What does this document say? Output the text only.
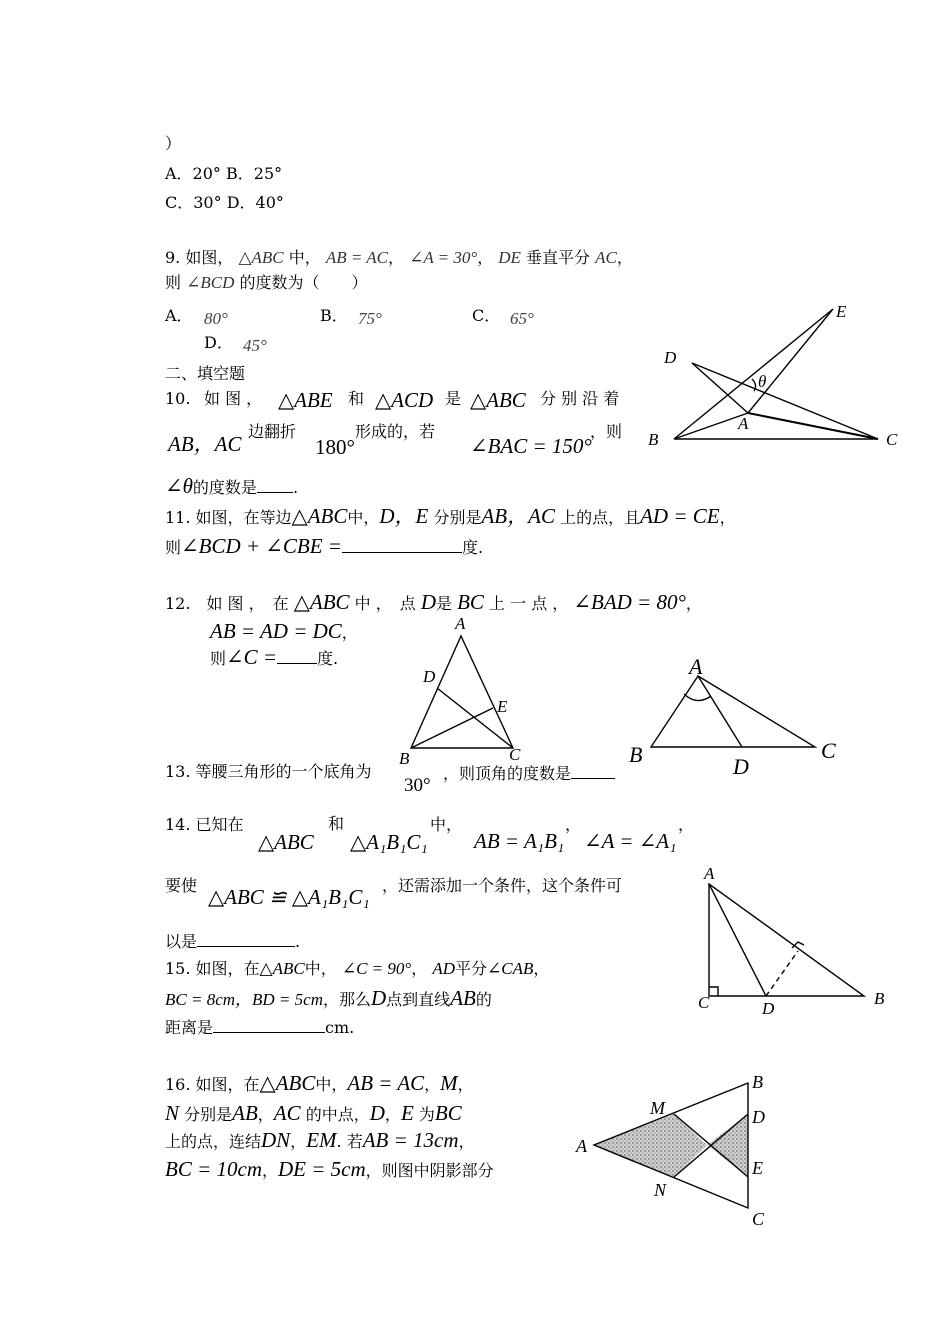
）
A．20° B．25°
C．30° D．40°
9. 如图， △ABC 中， AB = AC， ∠A = 30°， DE 垂直平分 AC，
则 ∠BCD 的度数为（　　）
A． 80°	B． 75°	C． 65°
D． 45°
二、填空题
10. 如 图 ， △ABE 和 △ACD 是 △ABC 分 别 沿 着
AB，AC
边翻折
180°
形成的，若
∠BAC = 150°
，则
∠θ的度数是 .
11. 如图，在等边△ABC中，D，E 分别是AB，AC 上的点，且AD = CE，
则∠BCD + ∠CBE =	度.
12.　如 图 ，　在 △ABC 中 ，　点 D是 BC 上 一 点 ， ∠BAD = 80°，
AB = AD = DC，
则∠C =	度.
13. 等腰三角形的一个底角为
30°
，则顶角的度数是
14. 已知在
△ABC
和
△A₁B₁C₁
中，
AB = A₁B₁
，
∠A = ∠A₁
，
要使 △ABC ≌ △A₁B₁C₁ ，还需添加一个条件，这个条件可
以是	.
15. 如图，在△ABC中， ∠C = 90°， AD平分∠CAB，
BC = 8cm，BD = 5cm，那么D点到直线AB的
距离是	cm.
16. 如图，在△ABC中，AB = AC，M，
N 分别是AB，AC 的中点，D，E 为BC
上的点，连结DN，EM. 若AB = 13cm，
BC = 10cm，DE = 5cm，则图中阴影部分
E
D
θ
A
B	C
A
D
E
B	C
A
B	D
C
A
C	D
B
A
M
N
B
D
E
C
